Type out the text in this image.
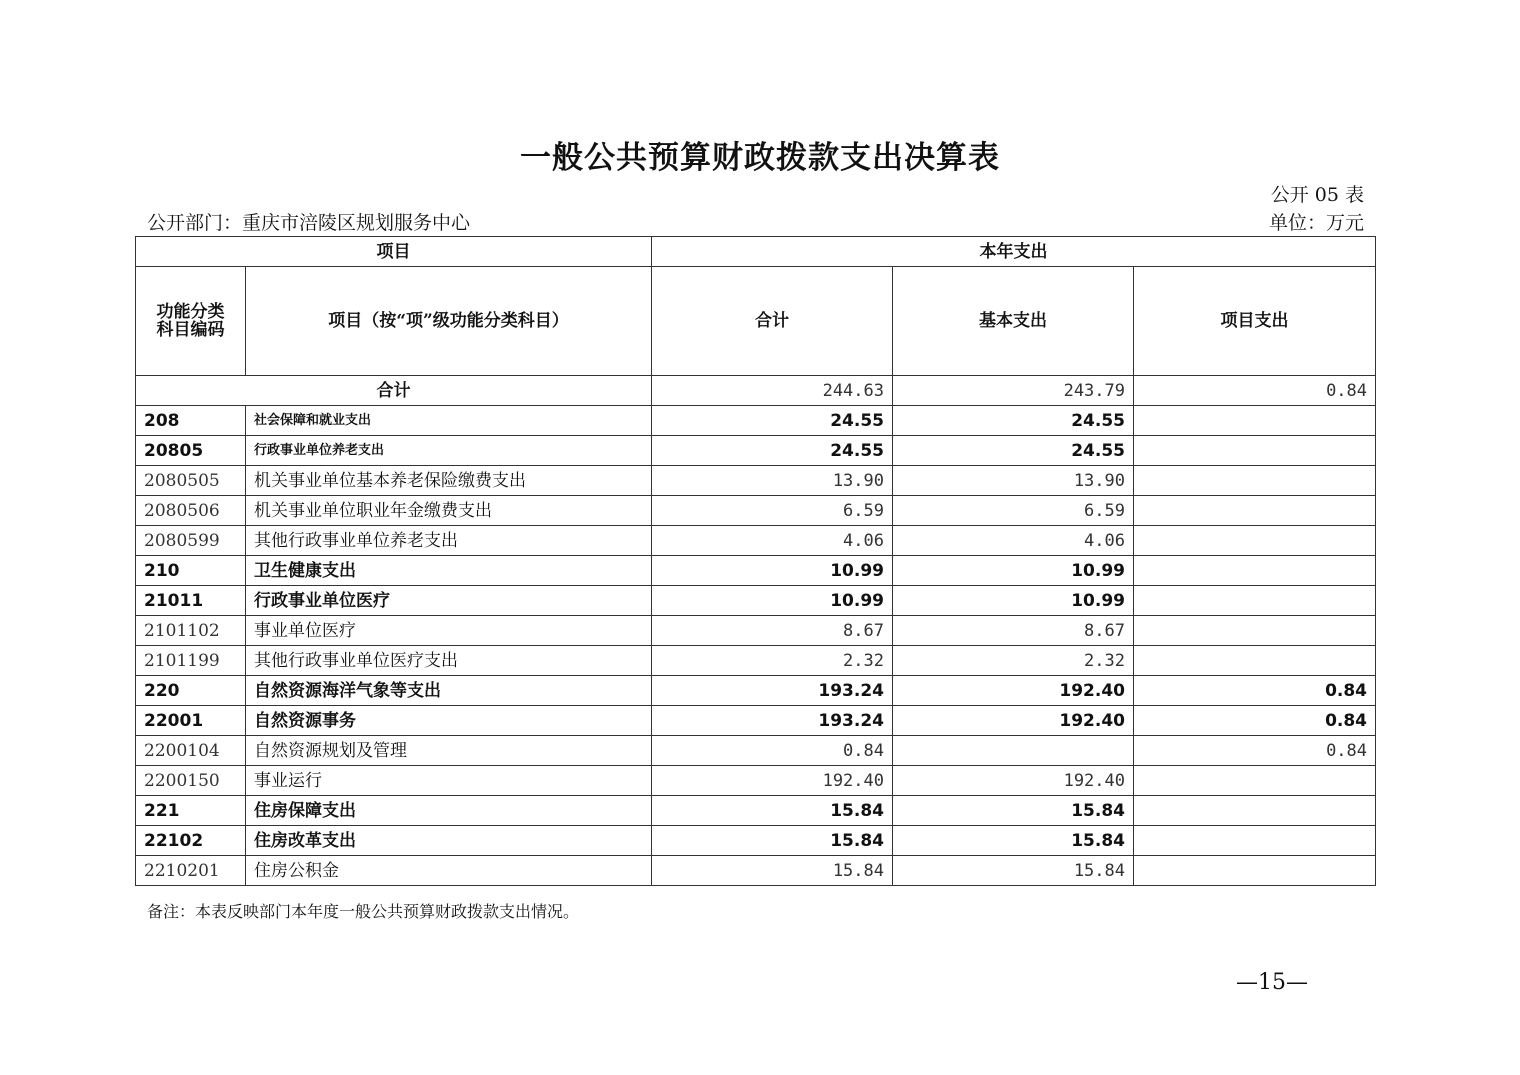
一般公共预算财政拨款支出决算表
公开 05 表
公开部门：重庆市涪陵区规划服务中心	单位：万元
项目		本年支出		
功能分类科目编码	项目（按“项”级功能分类科目）	合计	基本支出	项目支出
合计		244.63	243.79	0.84
208	社会保障和就业支出	24.55	24.55	
20805	行政事业单位养老支出	24.55	24.55	
2080505	机关事业单位基本养老保险缴费支出	13.90	13.90	
2080506	机关事业单位职业年金缴费支出	6.59	6.59	
2080599	其他行政事业单位养老支出	4.06	4.06	
210	卫生健康支出	10.99	10.99	
21011	行政事业单位医疗	10.99	10.99	
2101102	事业单位医疗	8.67	8.67	
2101199	其他行政事业单位医疗支出	2.32	2.32	
220	自然资源海洋气象等支出	193.24	192.40	0.84
22001	自然资源事务	193.24	192.40	0.84
2200104	自然资源规划及管理	0.84		0.84
2200150	事业运行	192.40	192.40	
221	住房保障支出	15.84	15.84	
22102	住房改革支出	15.84	15.84	
2210201	住房公积金	15.84	15.84	
备注：本表反映部门本年度一般公共预算财政拨款支出情况。
—15—
